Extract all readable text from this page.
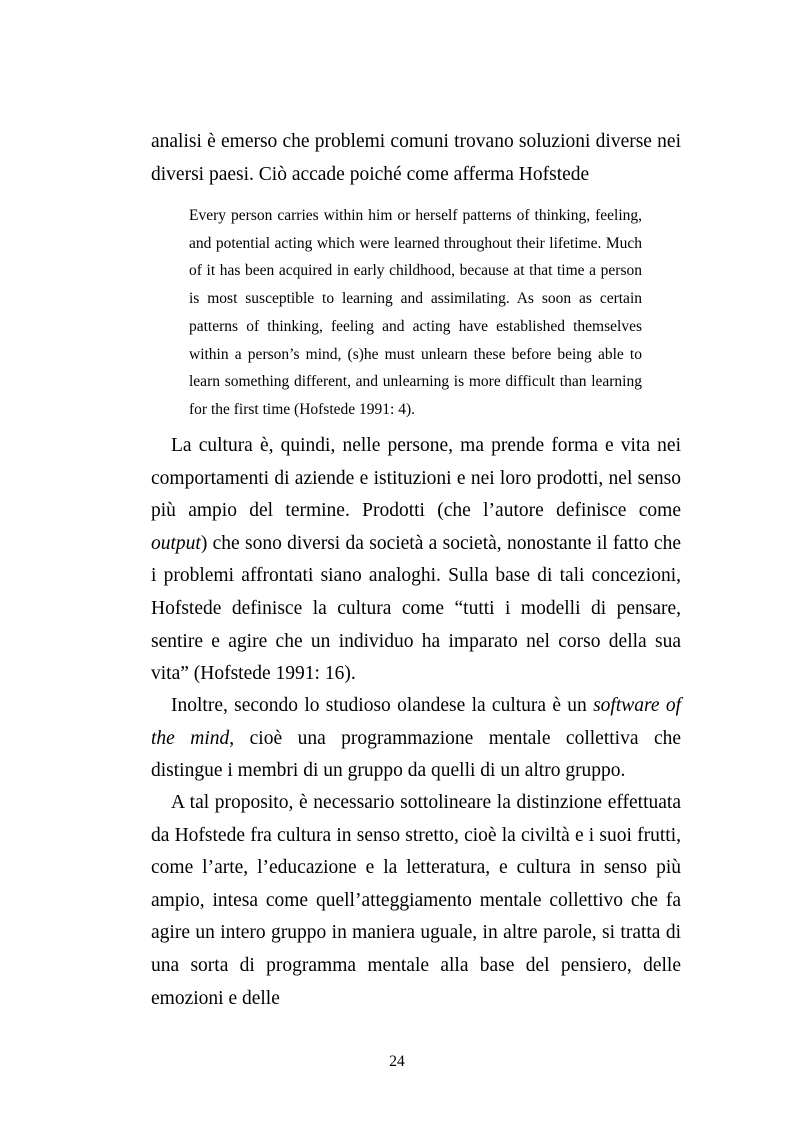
analisi è emerso che problemi comuni trovano soluzioni diverse nei diversi paesi. Ciò accade poiché come afferma Hofstede

Every person carries within him or herself patterns of thinking, feeling, and potential acting which were learned throughout their lifetime. Much of it has been acquired in early childhood, because at that time a person is most susceptible to learning and assimilating. As soon as certain patterns of thinking, feeling and acting have established themselves within a person’s mind, (s)he must unlearn these before being able to learn something different, and unlearning is more difficult than learning for the first time (Hofstede 1991: 4).

La cultura è, quindi, nelle persone, ma prende forma e vita nei comportamenti di aziende e istituzioni e nei loro prodotti, nel senso più ampio del termine. Prodotti (che l’autore definisce come output) che sono diversi da società a società, nonostante il fatto che i problemi affrontati siano analoghi. Sulla base di tali concezioni, Hofstede definisce la cultura come “tutti i modelli di pensare, sentire e agire che un individuo ha imparato nel corso della sua vita” (Hofstede 1991: 16).

Inoltre, secondo lo studioso olandese la cultura è un software of the mind, cioè una programmazione mentale collettiva che distingue i membri di un gruppo da quelli di un altro gruppo.

A tal proposito, è necessario sottolineare la distinzione effettuata da Hofstede fra cultura in senso stretto, cioè la civiltà e i suoi frutti, come l’arte, l’educazione e la letteratura, e cultura in senso più ampio, intesa come quell’atteggiamento mentale collettivo che fa agire un intero gruppo in maniera uguale, in altre parole, si tratta di una sorta di programma mentale alla base del pensiero, delle emozioni e delle

24
